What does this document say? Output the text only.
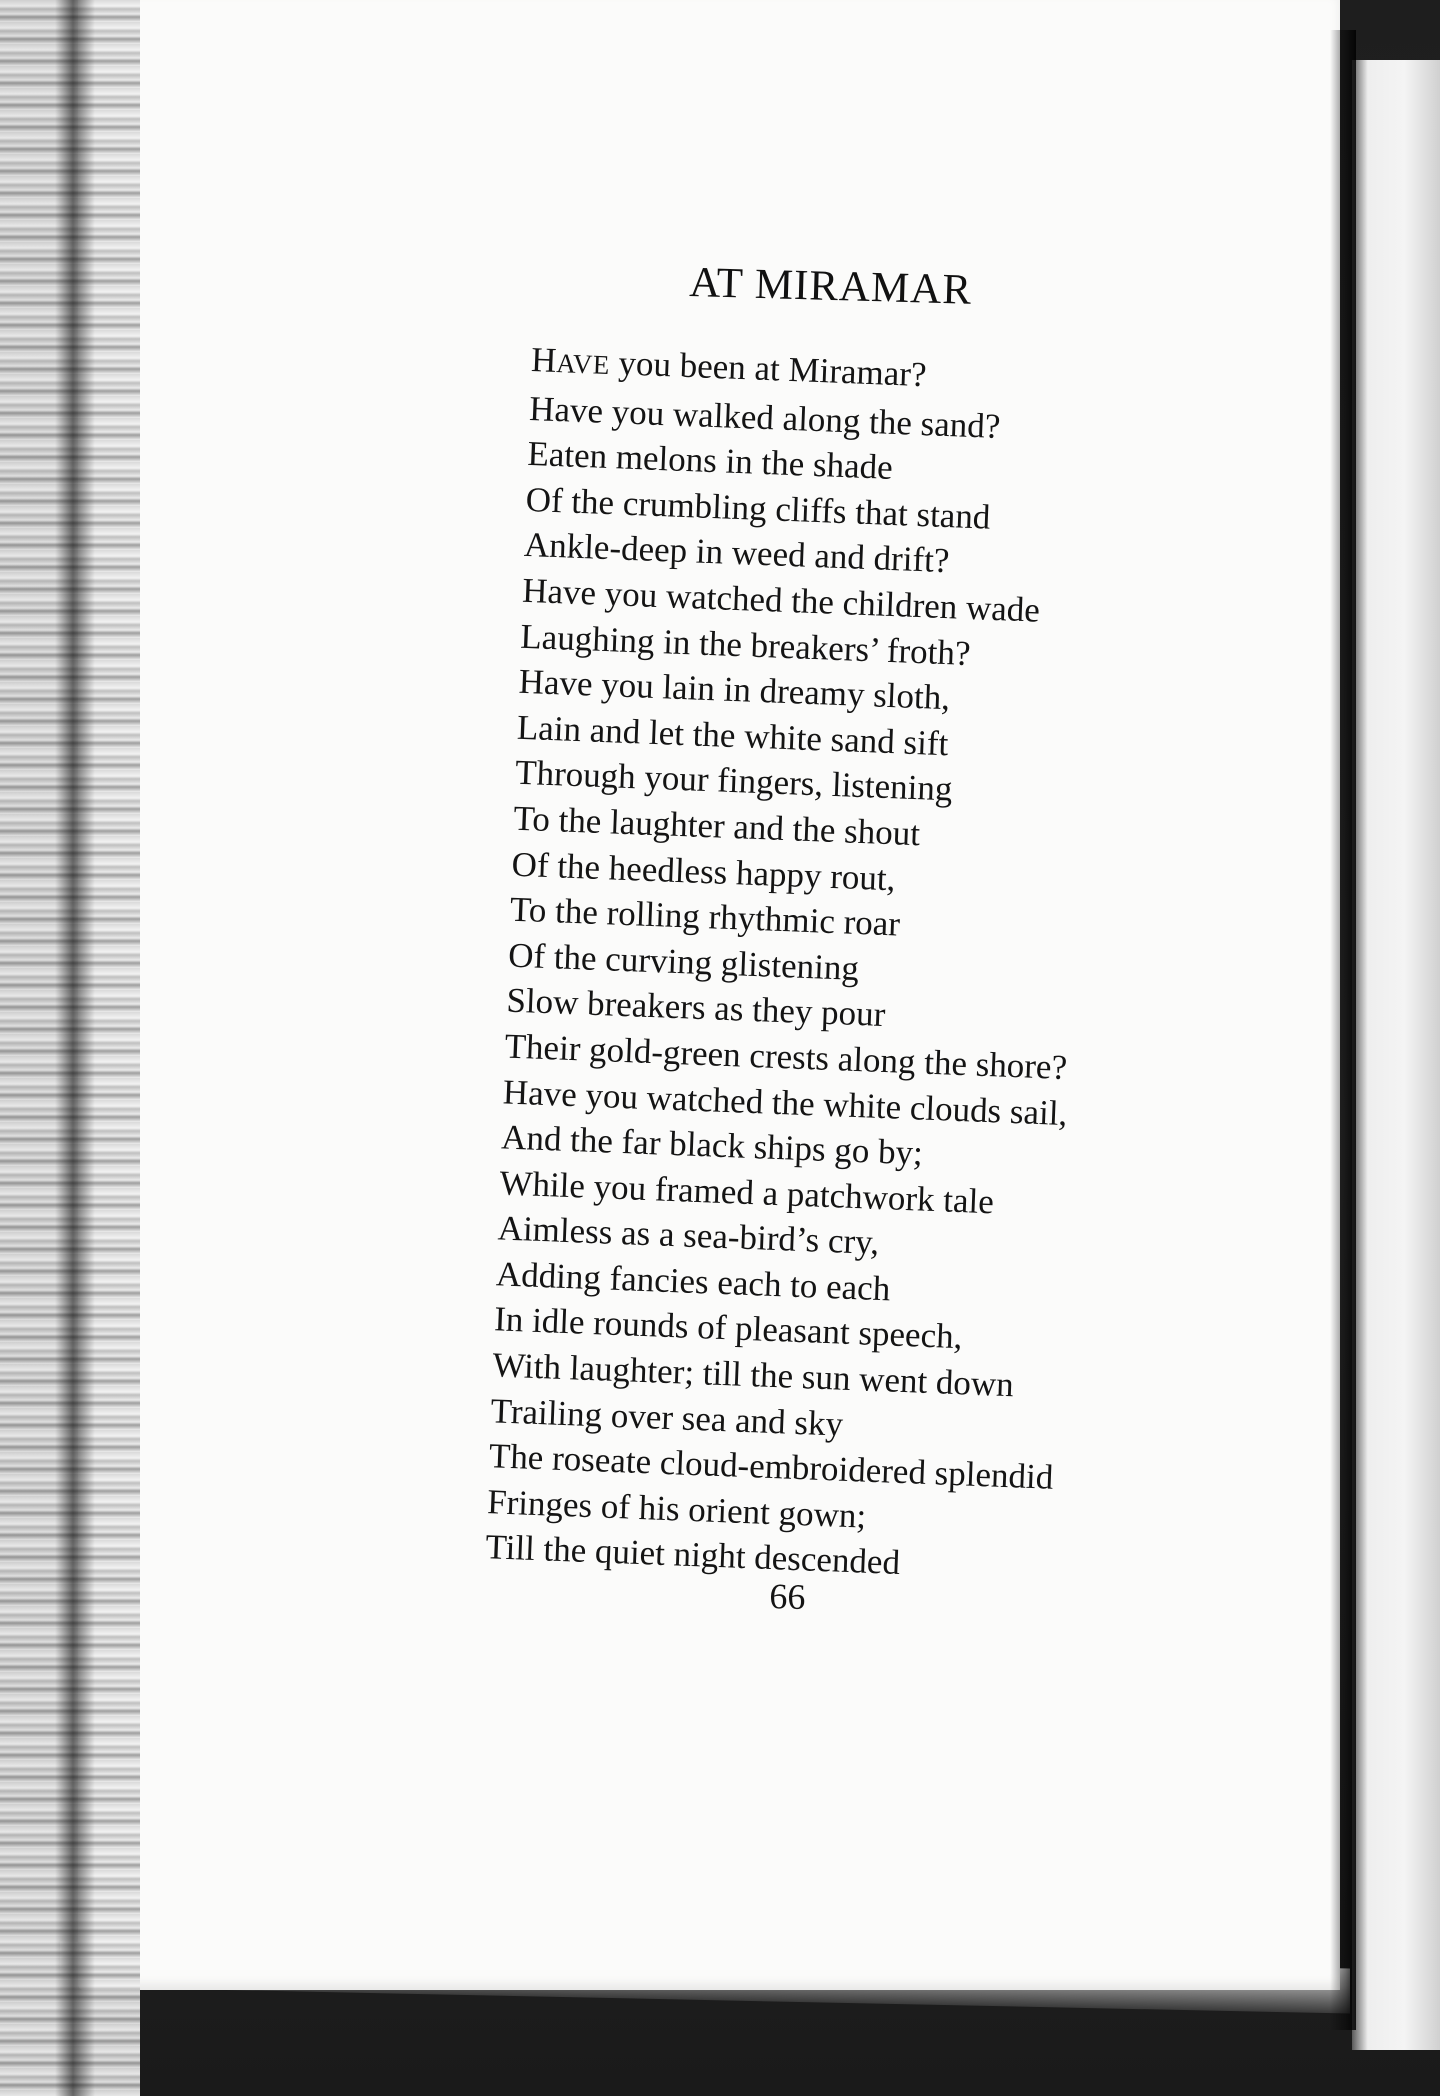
AT MIRAMAR
HAVE you been at Miramar?
Have you walked along the sand?
Eaten melons in the shade
Of the crumbling cliffs that stand
Ankle-deep in weed and drift?
Have you watched the children wade
Laughing in the breakers’ froth?
Have you lain in dreamy sloth,
Lain and let the white sand sift
Through your fingers, listening
To the laughter and the shout
Of the heedless happy rout,
To the rolling rhythmic roar
Of the curving glistening
Slow breakers as they pour
Their gold-green crests along the shore?
Have you watched the white clouds sail,
And the far black ships go by;
While you framed a patchwork tale
Aimless as a sea-bird’s cry,
Adding fancies each to each
In idle rounds of pleasant speech,
With laughter; till the sun went down
Trailing over sea and sky
The roseate cloud-embroidered splendid
Fringes of his orient gown;
Till the quiet night descended
66
